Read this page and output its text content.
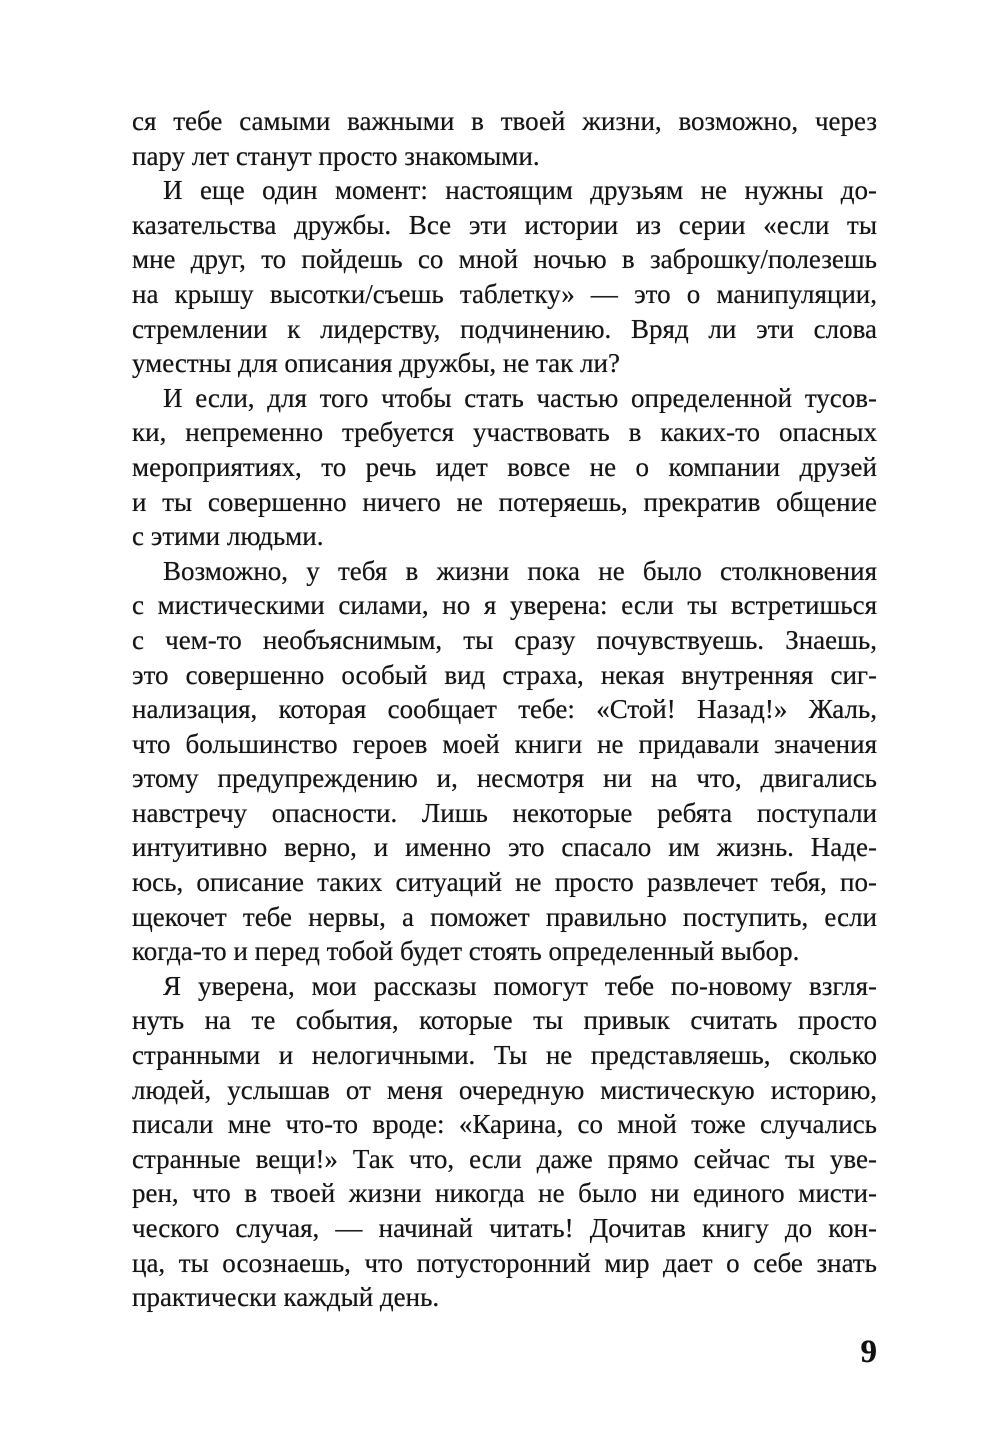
ся тебе самыми важными в твоей жизни, возможно, через
пару лет станут просто знакомыми.
И еще один момент: настоящим друзьям не нужны до-
казательства дружбы. Все эти истории из серии «если ты
мне друг, то пойдешь со мной ночью в заброшку/полезешь
на крышу высотки/съешь таблетку» — это о манипуляции,
стремлении к лидерству, подчинению. Вряд ли эти слова
уместны для описания дружбы, не так ли?
И если, для того чтобы стать частью определенной тусов-
ки, непременно требуется участвовать в каких-то опасных
мероприятиях, то речь идет вовсе не о компании друзей
и ты совершенно ничего не потеряешь, прекратив общение
с этими людьми.
Возможно, у тебя в жизни пока не было столкновения
с мистическими силами, но я уверена: если ты встретишься
с чем-то необъяснимым, ты сразу почувствуешь. Знаешь,
это совершенно особый вид страха, некая внутренняя сиг-
нализация, которая сообщает тебе: «Стой! Назад!» Жаль,
что большинство героев моей книги не придавали значения
этому предупреждению и, несмотря ни на что, двигались
навстречу опасности. Лишь некоторые ребята поступали
интуитивно верно, и именно это спасало им жизнь. Наде-
юсь, описание таких ситуаций не просто развлечет тебя, по-
щекочет тебе нервы, а поможет правильно поступить, если
когда-то и перед тобой будет стоять определенный выбор.
Я уверена, мои рассказы помогут тебе по-новому взгля-
нуть на те события, которые ты привык считать просто
странными и нелогичными. Ты не представляешь, сколько
людей, услышав от меня очередную мистическую историю,
писали мне что-то вроде: «Карина, со мной тоже случались
странные вещи!» Так что, если даже прямо сейчас ты уве-
рен, что в твоей жизни никогда не было ни единого мисти-
ческого случая, — начинай читать! Дочитав книгу до кон-
ца, ты осознаешь, что потусторонний мир дает о себе знать
практически каждый день.
9
